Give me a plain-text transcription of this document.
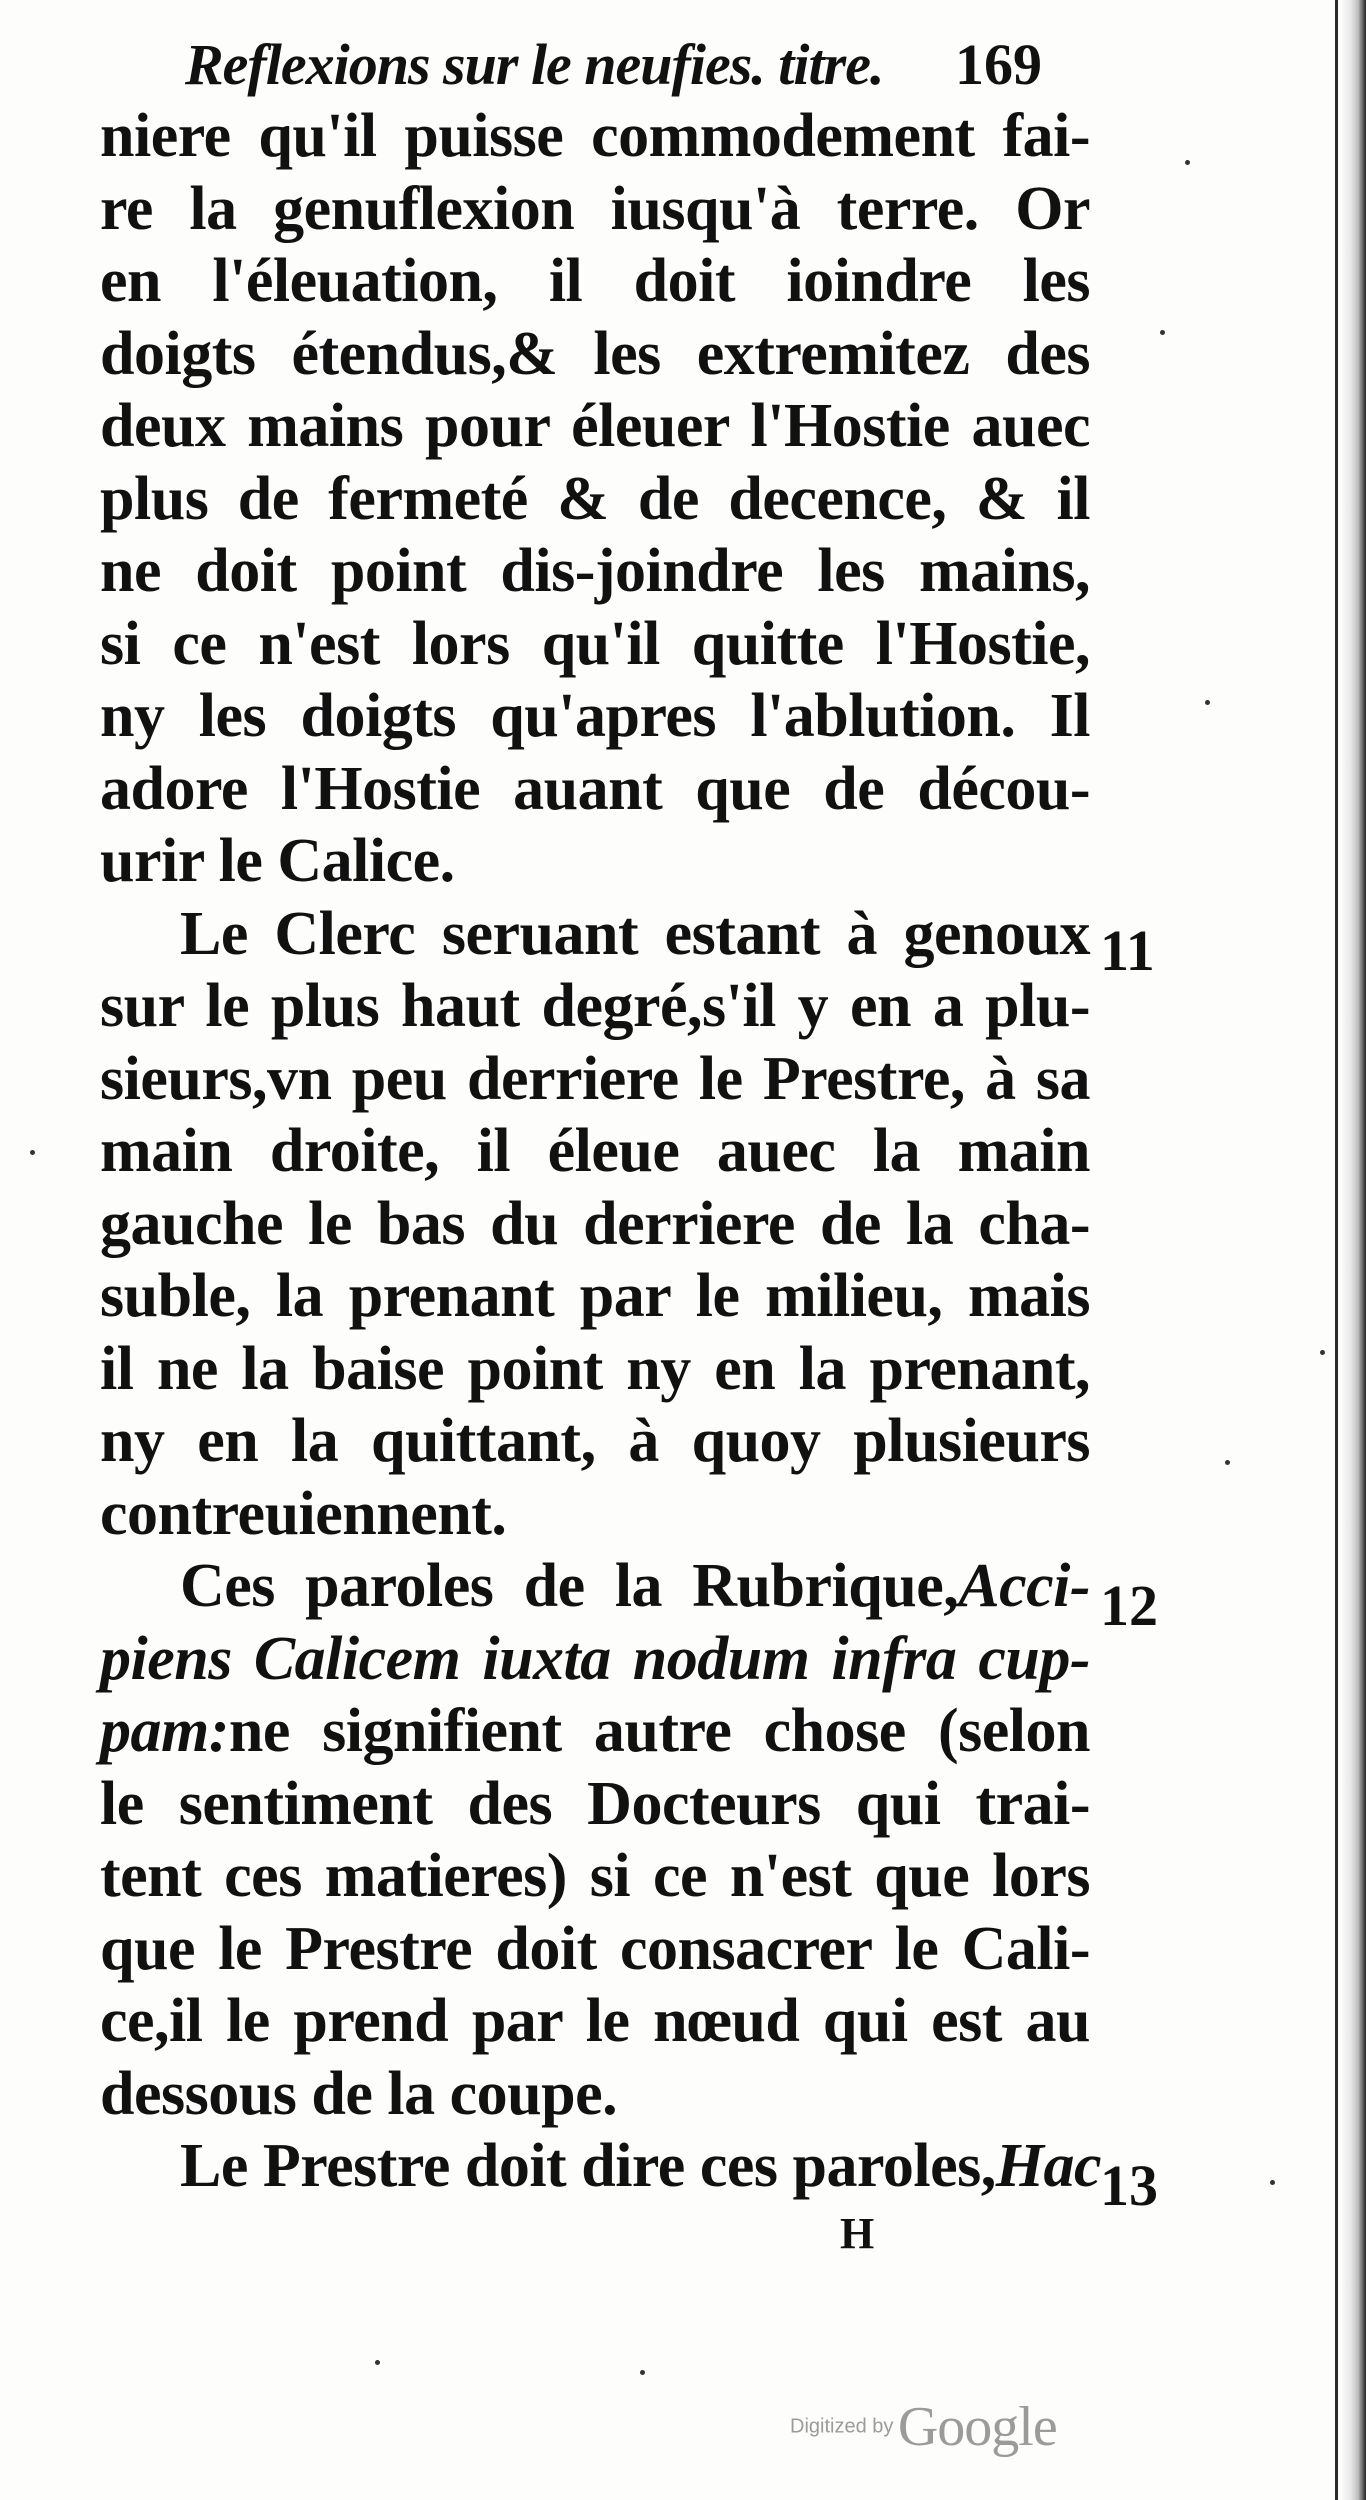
Reflexions sur le neufies. titre. 169
niere qu'il puisse commodement fai-
re la genuflexion iusqu'à terre. Or
en l'éleuation, il doit ioindre les
doigts étendus,& les extremitez des
deux mains pour éleuer l'Hostie auec
plus de fermeté & de decence, & il
ne doit point dis-joindre les mains,
si ce n'est lors qu'il quitte l'Hostie,
ny les doigts qu'apres l'ablution. Il
adore l'Hostie auant que de décou-
urir le Calice.
Le Clerc seruant estant à genoux
sur le plus haut degré,s'il y en a plu-
sieurs,vn peu derriere le Prestre, à sa
main droite, il éleue auec la main
gauche le bas du derriere de la cha-
suble, la prenant par le milieu, mais
il ne la baise point ny en la prenant,
ny en la quittant, à quoy plusieurs
contreuiennent.
Ces paroles de la Rubrique,Acci-
piens Calicem iuxta nodum infra cup-
pam:ne signifient autre chose (selon
le sentiment des Docteurs qui trai-
tent ces matieres) si ce n'est que lors
que le Prestre doit consacrer le Cali-
ce,il le prend par le nœud qui est au
dessous de la coupe.
Le Prestre doit dire ces paroles,Hac
11
12
13
H
Digitized by Google
